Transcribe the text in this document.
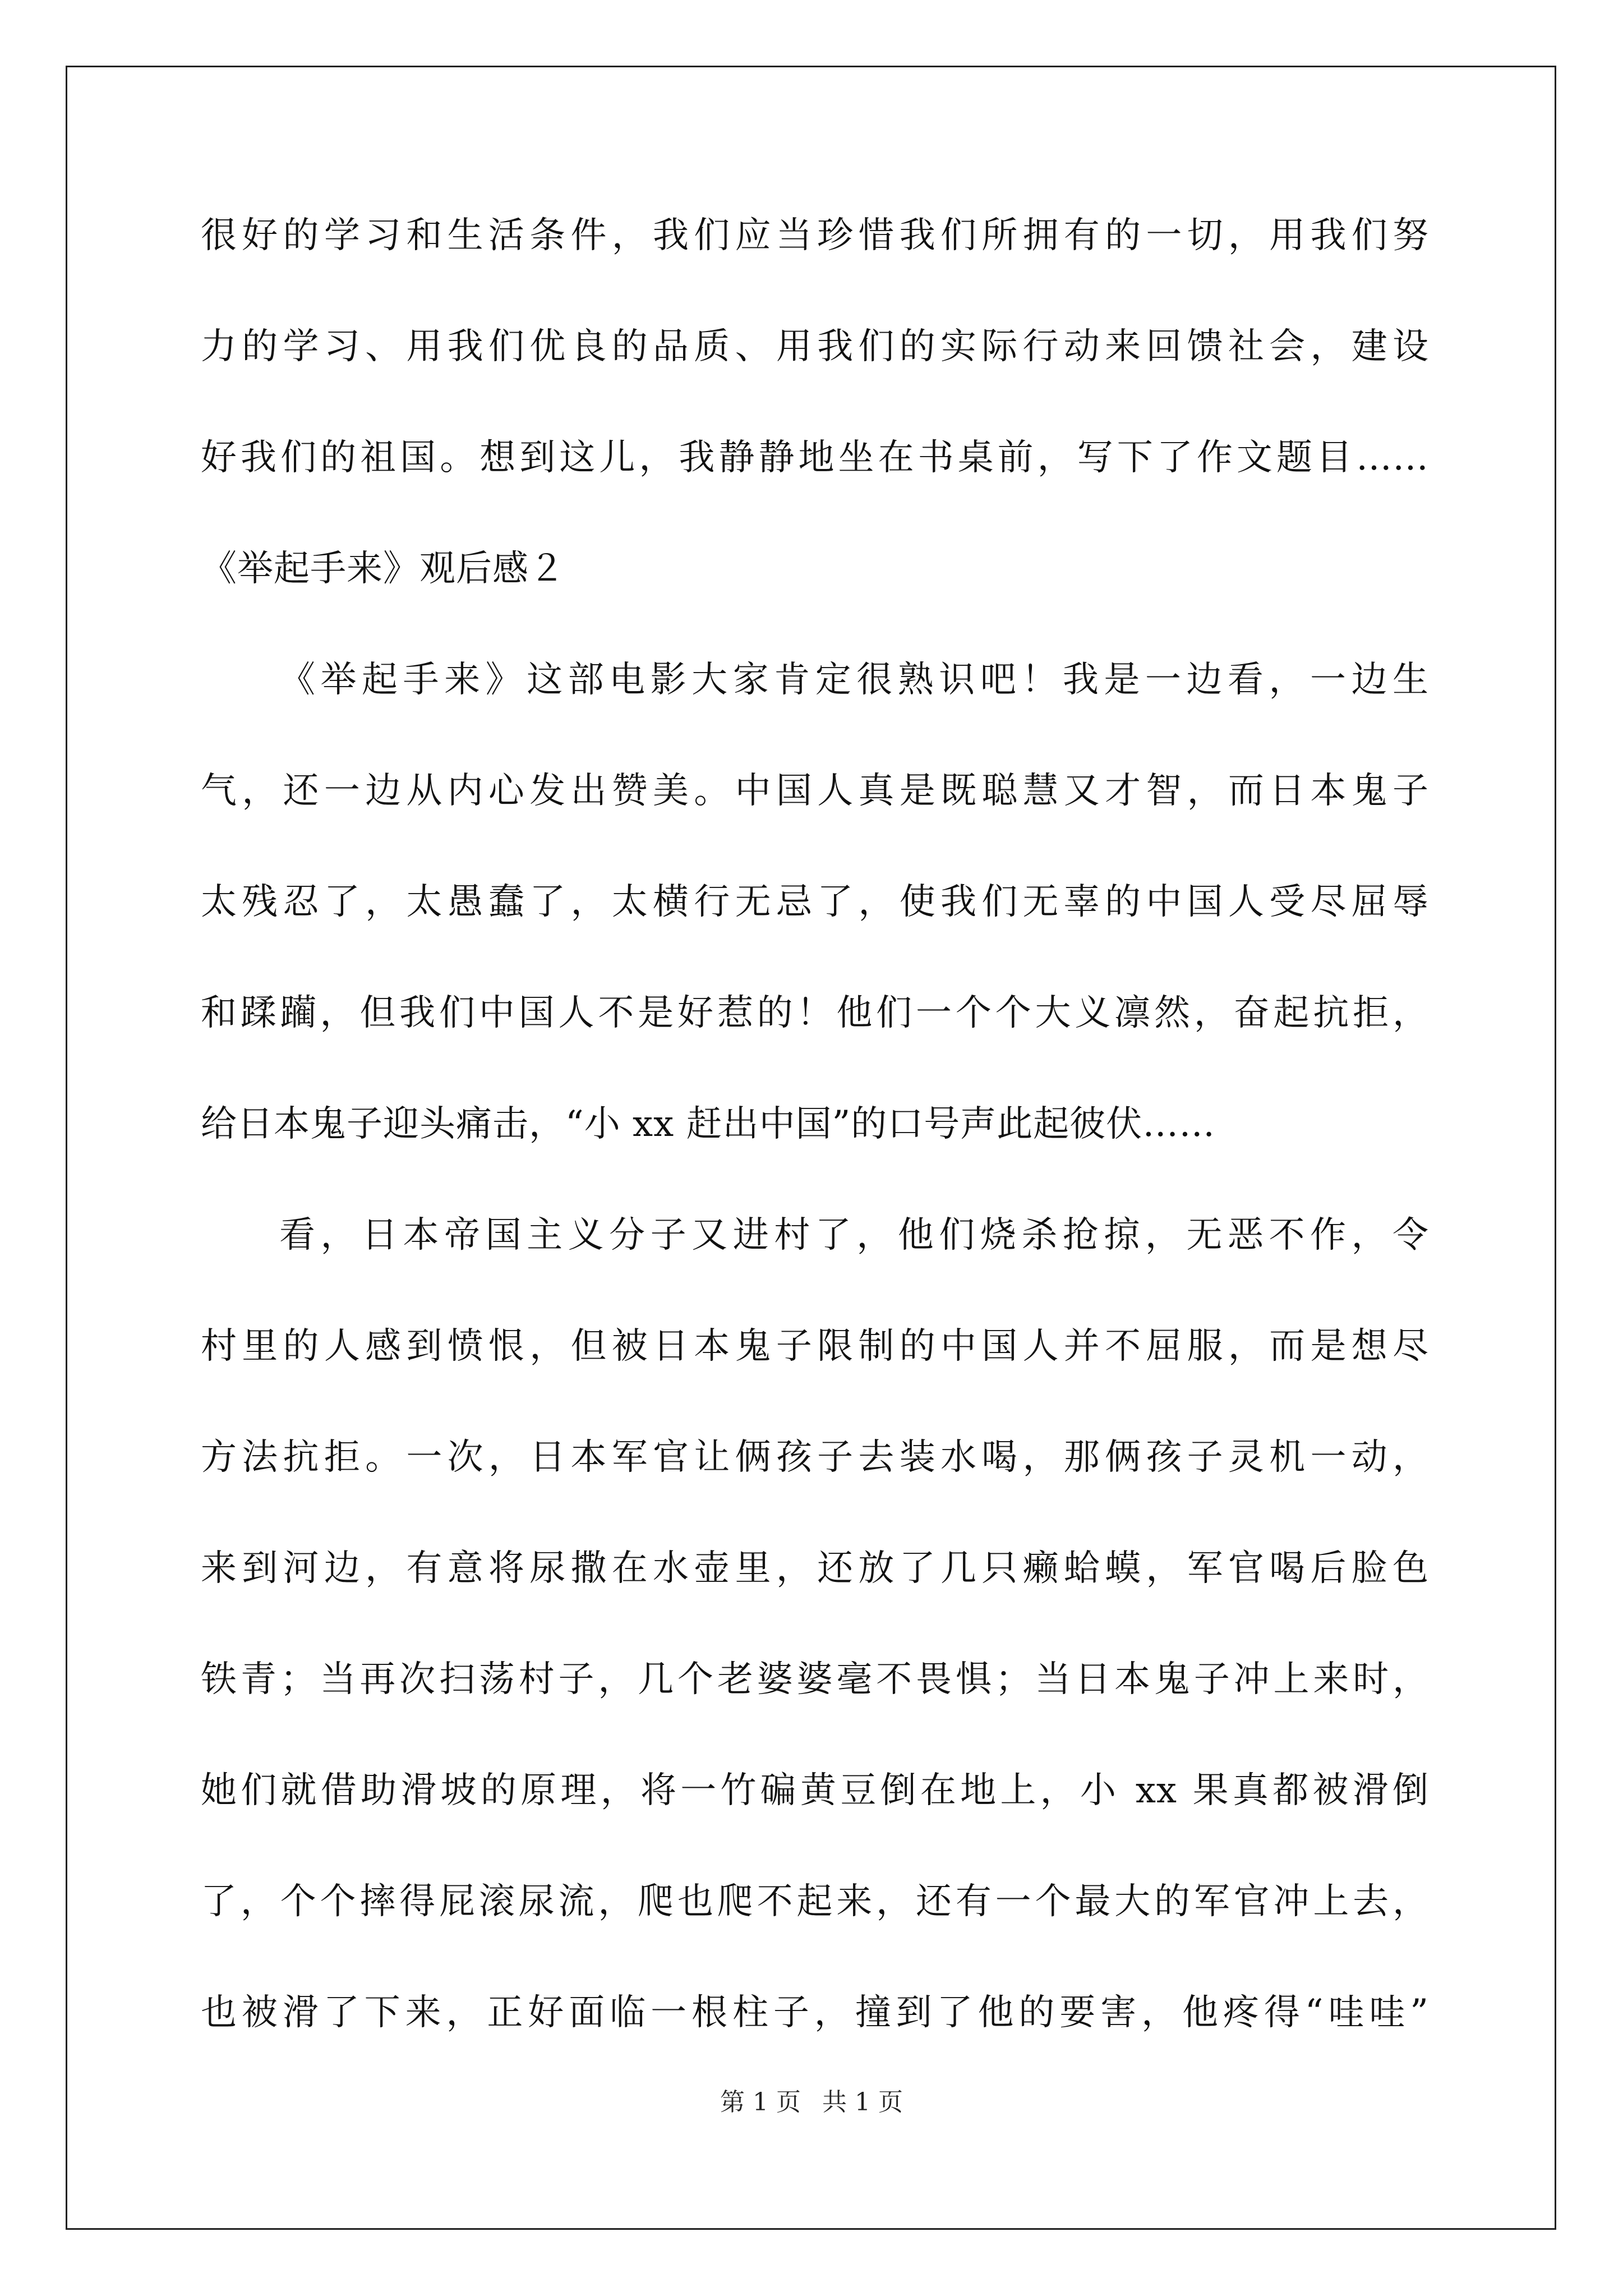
很好的学习和生活条件，我们应当珍惜我们所拥有的一切，用我们努
力的学习、用我们优良的品质、用我们的实际行动来回馈社会，建设
好我们的祖国。想到这儿，我静静地坐在书桌前，写下了作文题目……
《举起手来》观后感２
《举起手来》这部电影大家肯定很熟识吧！我是一边看，一边生
气，还一边从内心发出赞美。中国人真是既聪慧又才智，而日本鬼子
太残忍了，太愚蠢了，太横行无忌了，使我们无辜的中国人受尽屈辱
和蹂躏，但我们中国人不是好惹的！他们一个个大义凛然，奋起抗拒，
给日本鬼子迎头痛击，“小 xx 赶出中国”的口号声此起彼伏……
看，日本帝国主义分子又进村了，他们烧杀抢掠，无恶不作，令
村里的人感到愤恨，但被日本鬼子限制的中国人并不屈服，而是想尽
方法抗拒。一次，日本军官让俩孩子去装水喝，那俩孩子灵机一动，
来到河边，有意将尿撒在水壶里，还放了几只癞蛤蟆，军官喝后脸色
铁青；当再次扫荡村子，几个老婆婆毫不畏惧；当日本鬼子冲上来时，
她们就借助滑坡的原理，将一竹碥黄豆倒在地上，小 xx 果真都被滑倒
了，个个摔得屁滚尿流，爬也爬不起来，还有一个最大的军官冲上去，
也被滑了下来，正好面临一根柱子，撞到了他的要害，他疼得“哇哇”
第 1 页 共 1 页
